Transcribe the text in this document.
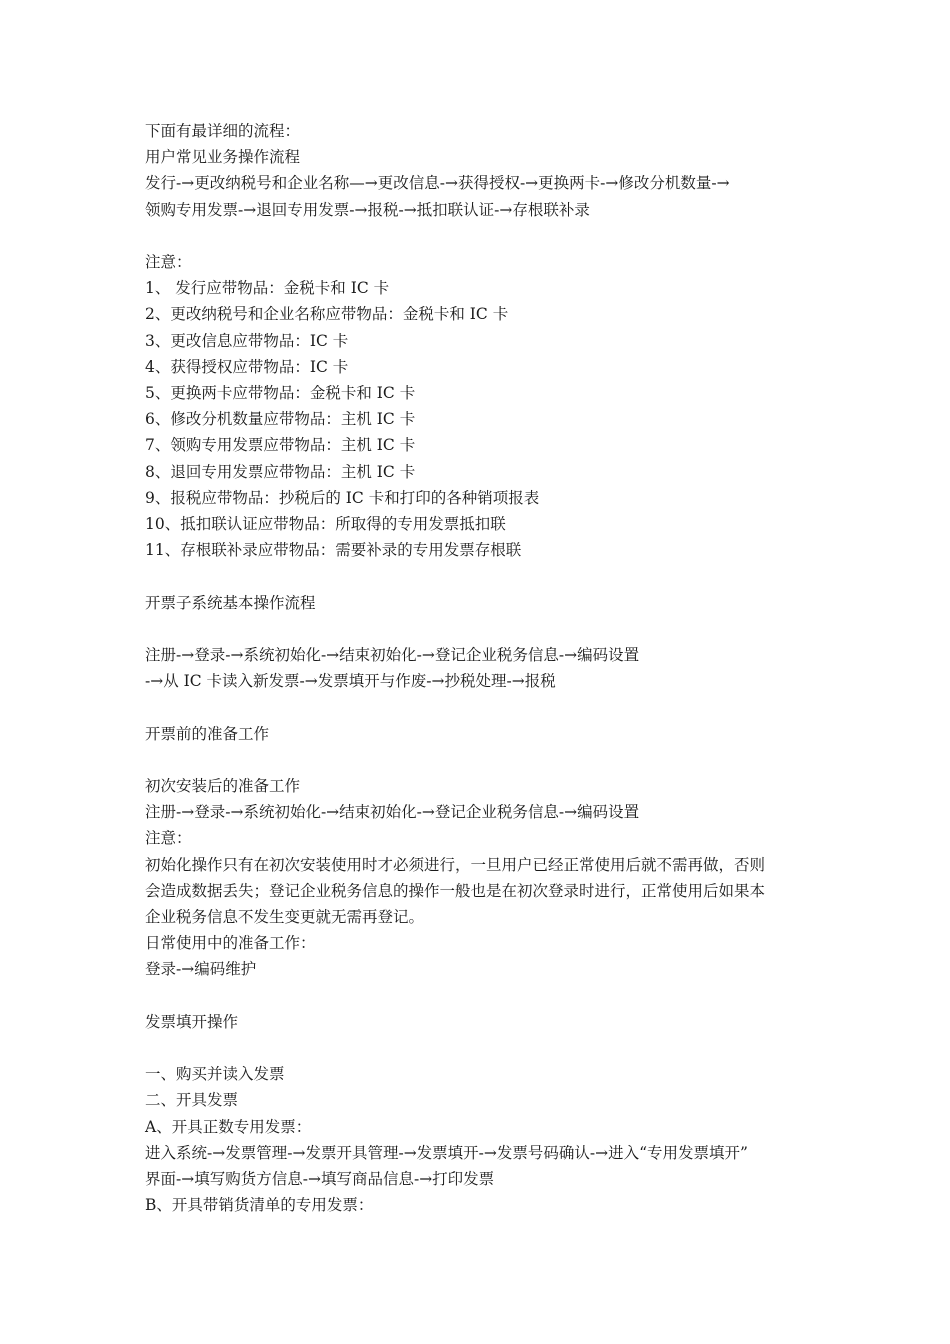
下面有最详细的流程：
用户常见业务操作流程
发行-→更改纳税号和企业名称—→更改信息-→获得授权-→更换两卡-→修改分机数量-→
领购专用发票-→退回专用发票-→报税-→抵扣联认证-→存根联补录
注意：
1、 发行应带物品：金税卡和 IC 卡
2、更改纳税号和企业名称应带物品：金税卡和 IC 卡
3、更改信息应带物品：IC 卡
4、获得授权应带物品：IC 卡
5、更换两卡应带物品：金税卡和 IC 卡
6、修改分机数量应带物品：主机 IC 卡
7、领购专用发票应带物品：主机 IC 卡
8、退回专用发票应带物品：主机 IC 卡
9、报税应带物品：抄税后的 IC 卡和打印的各种销项报表
10、抵扣联认证应带物品：所取得的专用发票抵扣联
11、存根联补录应带物品：需要补录的专用发票存根联
开票子系统基本操作流程
注册-→登录-→系统初始化-→结束初始化-→登记企业税务信息-→编码设置
-→从 IC 卡读入新发票-→发票填开与作废-→抄税处理-→报税
开票前的准备工作
初次安装后的准备工作
注册-→登录-→系统初始化-→结束初始化-→登记企业税务信息-→编码设置
注意：
初始化操作只有在初次安装使用时才必须进行，一旦用户已经正常使用后就不需再做，否则
会造成数据丢失；登记企业税务信息的操作一般也是在初次登录时进行，正常使用后如果本
企业税务信息不发生变更就无需再登记。
日常使用中的准备工作：
登录-→编码维护
发票填开操作
一、购买并读入发票
二、开具发票
A、开具正数专用发票：
进入系统-→发票管理-→发票开具管理-→发票填开-→发票号码确认-→进入“专用发票填开”
界面-→填写购货方信息-→填写商品信息-→打印发票
B、开具带销货清单的专用发票：
